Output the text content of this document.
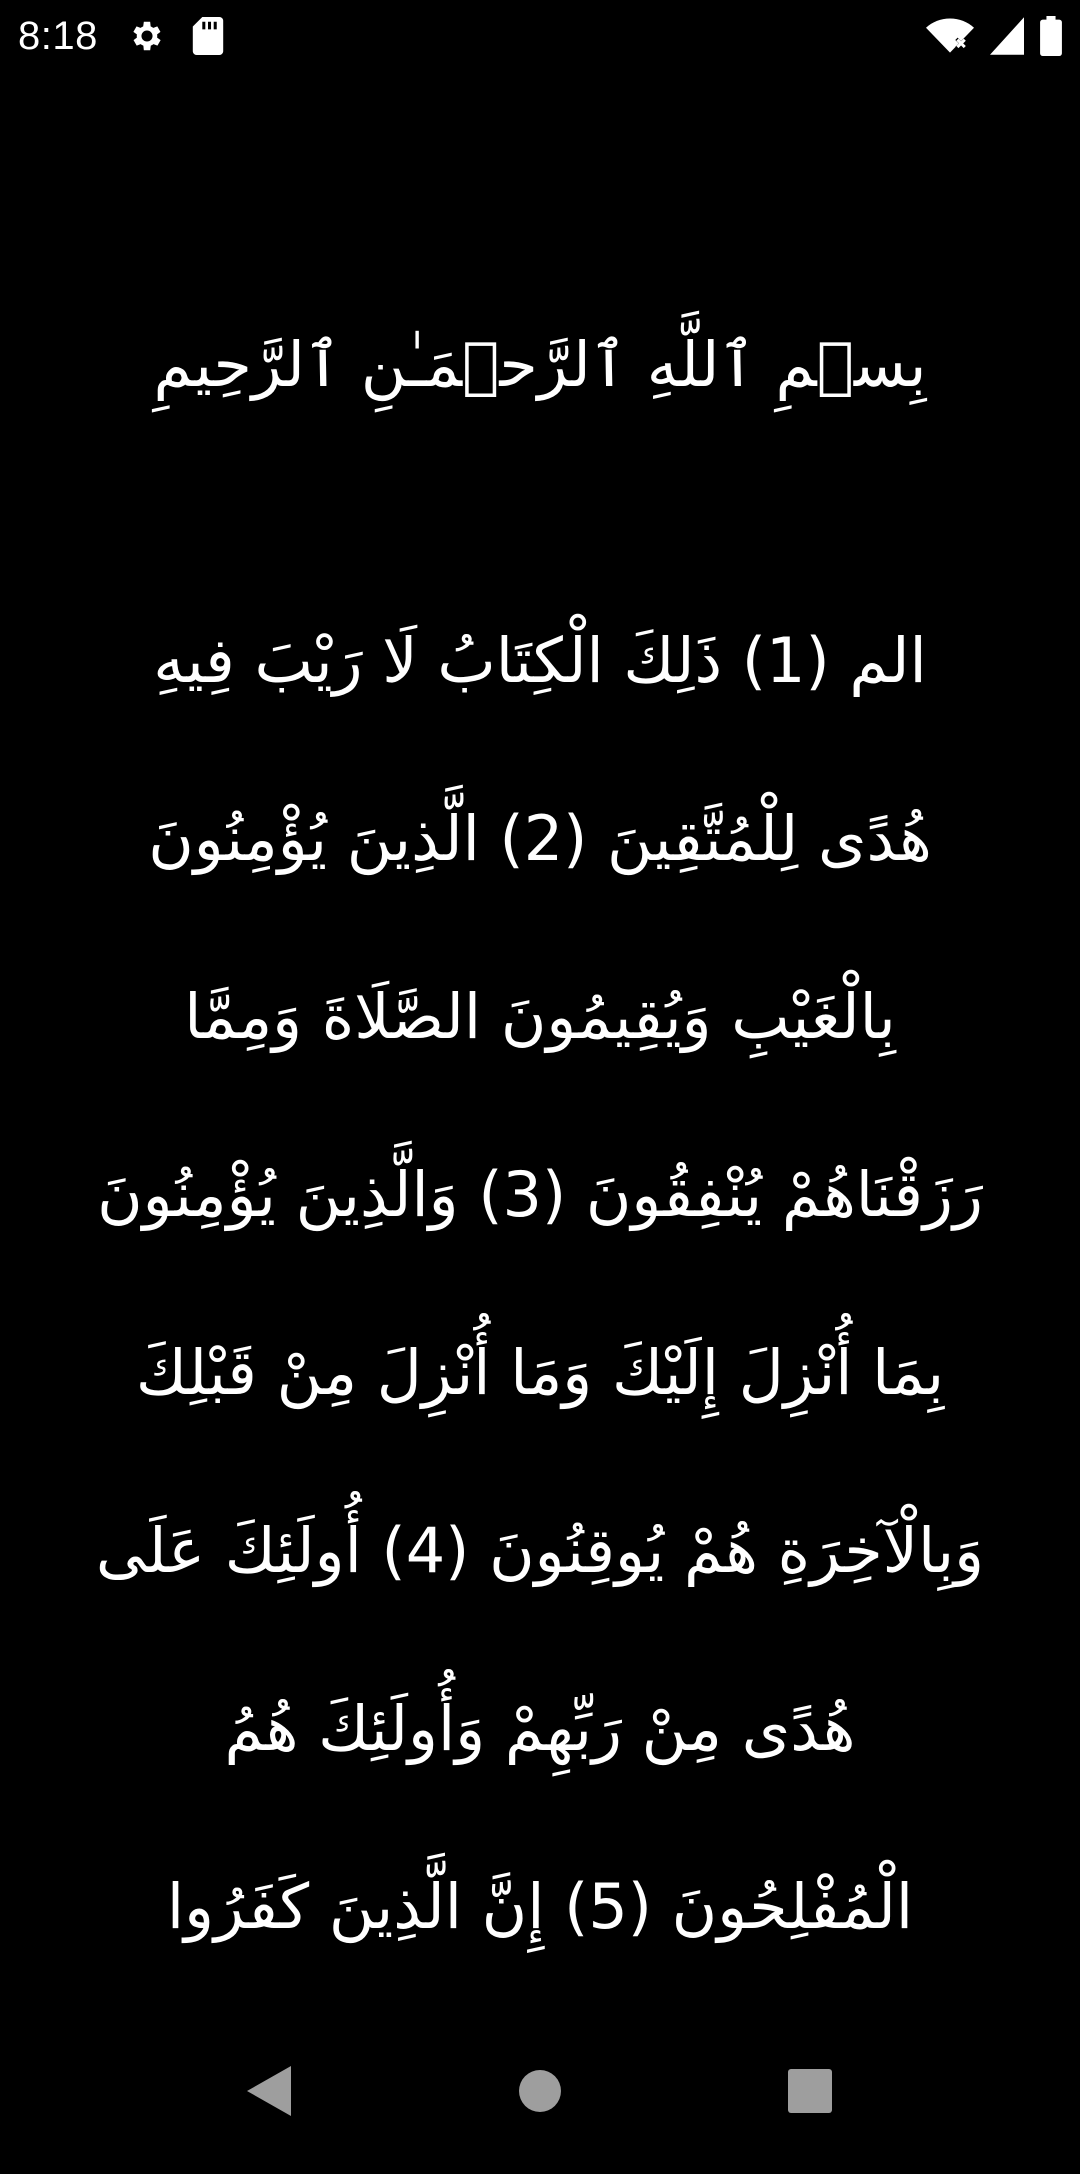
8:18
بِسۡمِ ٱللَّهِ ٱلرَّحۡمَـٰنِ ٱلرَّحِيمِ
الم (1) ذَلِكَ الْكِتَابُ لَا رَيْبَ فِيهِ
هُدًى لِلْمُتَّقِينَ (2) الَّذِينَ يُؤْمِنُونَ
بِالْغَيْبِ وَيُقِيمُونَ الصَّلَاةَ وَمِمَّا
رَزَقْنَاهُمْ يُنْفِقُونَ (3) وَالَّذِينَ يُؤْمِنُونَ
بِمَا أُنْزِلَ إِلَيْكَ وَمَا أُنْزِلَ مِنْ قَبْلِكَ
وَبِالْآخِرَةِ هُمْ يُوقِنُونَ (4) أُولَئِكَ عَلَى
هُدًى مِنْ رَبِّهِمْ وَأُولَئِكَ هُمُ
الْمُفْلِحُونَ (5) إِنَّ الَّذِينَ كَفَرُوا
